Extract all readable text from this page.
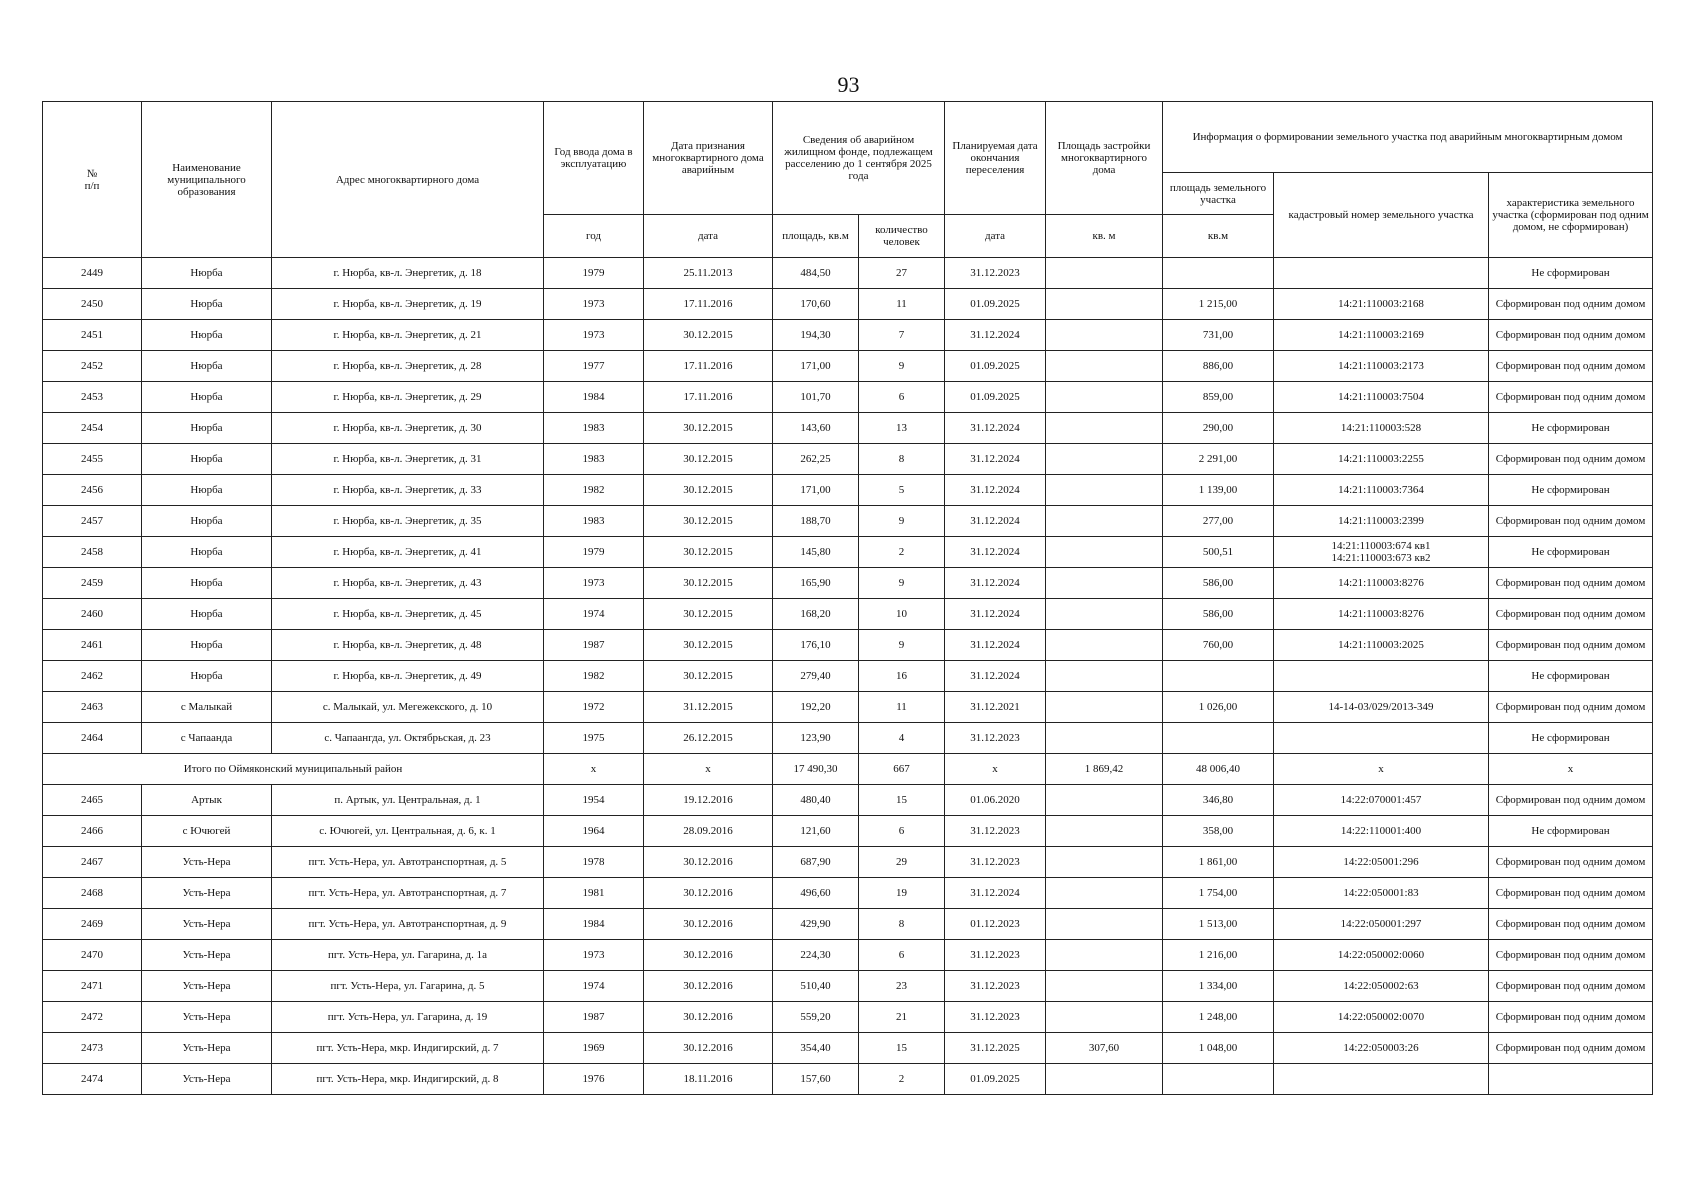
93
№
п/п	Наименование муниципального образования	Адрес многоквартирного дома	Год ввода дома в эксплуатацию	Дата признания многоквартирного дома аварийным	Сведения об аварийном жилищном фонде, подлежащем расселению до 1 сентября 2025 года		Планируемая дата окончания переселения	Площадь застройки многоквартирного дома	Информация о формировании земельного участка под аварийным многоквартирным домом		
									площадь земельного участка	кадастровый номер земельного участка	характеристика земельного участка (сформирован под одним домом, не сформирован)
			год	дата	площадь, кв.м	количество человек	дата	кв. м	кв.м		
2449	Нюрба	г. Нюрба, кв-л. Энергетик, д. 18	1979	25.11.2013	484,50	27	31.12.2023				Не сформирован
2450	Нюрба	г. Нюрба, кв-л. Энергетик, д. 19	1973	17.11.2016	170,60	11	01.09.2025		1 215,00	14:21:110003:2168	Сформирован под одним домом
2451	Нюрба	г. Нюрба, кв-л. Энергетик, д. 21	1973	30.12.2015	194,30	7	31.12.2024		731,00	14:21:110003:2169	Сформирован под одним домом
2452	Нюрба	г. Нюрба, кв-л. Энергетик, д. 28	1977	17.11.2016	171,00	9	01.09.2025		886,00	14:21:110003:2173	Сформирован под одним домом
2453	Нюрба	г. Нюрба, кв-л. Энергетик, д. 29	1984	17.11.2016	101,70	6	01.09.2025		859,00	14:21:110003:7504	Сформирован под одним домом
2454	Нюрба	г. Нюрба, кв-л. Энергетик, д. 30	1983	30.12.2015	143,60	13	31.12.2024		290,00	14:21:110003:528	Не сформирован
2455	Нюрба	г. Нюрба, кв-л. Энергетик, д. 31	1983	30.12.2015	262,25	8	31.12.2024		2 291,00	14:21:110003:2255	Сформирован под одним домом
2456	Нюрба	г. Нюрба, кв-л. Энергетик, д. 33	1982	30.12.2015	171,00	5	31.12.2024		1 139,00	14:21:110003:7364	Не сформирован
2457	Нюрба	г. Нюрба, кв-л. Энергетик, д. 35	1983	30.12.2015	188,70	9	31.12.2024		277,00	14:21:110003:2399	Сформирован под одним домом
2458	Нюрба	г. Нюрба, кв-л. Энергетик, д. 41	1979	30.12.2015	145,80	2	31.12.2024		500,51	14:21:110003:674 кв1
14:21:110003:673 кв2	Не сформирован
2459	Нюрба	г. Нюрба, кв-л. Энергетик, д. 43	1973	30.12.2015	165,90	9	31.12.2024		586,00	14:21:110003:8276	Сформирован под одним домом
2460	Нюрба	г. Нюрба, кв-л. Энергетик, д. 45	1974	30.12.2015	168,20	10	31.12.2024		586,00	14:21:110003:8276	Сформирован под одним домом
2461	Нюрба	г. Нюрба, кв-л. Энергетик, д. 48	1987	30.12.2015	176,10	9	31.12.2024		760,00	14:21:110003:2025	Сформирован под одним домом
2462	Нюрба	г. Нюрба, кв-л. Энергетик, д. 49	1982	30.12.2015	279,40	16	31.12.2024				Не сформирован
2463	с Малыкай	с. Малыкай, ул. Мегежекского, д. 10	1972	31.12.2015	192,20	11	31.12.2021		1 026,00	14-14-03/029/2013-349	Сформирован под одним домом
2464	с Чапаанда	с. Чапаангда, ул. Октябрьская, д. 23	1975	26.12.2015	123,90	4	31.12.2023				Не сформирован
Итого по Оймяконский муниципальный район			x	x	17 490,30	667	x	1 869,42	48 006,40	x	x
2465	Артык	п. Артык, ул. Центральная, д. 1	1954	19.12.2016	480,40	15	01.06.2020		346,80	14:22:070001:457	Сформирован под одним домом
2466	с Ючюгей	с. Ючюгей, ул. Центральная, д. 6, к. 1	1964	28.09.2016	121,60	6	31.12.2023		358,00	14:22:110001:400	Не сформирован
2467	Усть-Нера	пгт. Усть-Нера, ул. Автотранспортная, д. 5	1978	30.12.2016	687,90	29	31.12.2023		1 861,00	14:22:05001:296	Сформирован под одним домом
2468	Усть-Нера	пгт. Усть-Нера, ул. Автотранспортная, д. 7	1981	30.12.2016	496,60	19	31.12.2024		1 754,00	14:22:050001:83	Сформирован под одним домом
2469	Усть-Нера	пгт. Усть-Нера, ул. Автотранспортная, д. 9	1984	30.12.2016	429,90	8	01.12.2023		1 513,00	14:22:050001:297	Сформирован под одним домом
2470	Усть-Нера	пгт. Усть-Нера, ул. Гагарина, д. 1а	1973	30.12.2016	224,30	6	31.12.2023		1 216,00	14:22:050002:0060	Сформирован под одним домом
2471	Усть-Нера	пгт. Усть-Нера, ул. Гагарина, д. 5	1974	30.12.2016	510,40	23	31.12.2023		1 334,00	14:22:050002:63	Сформирован под одним домом
2472	Усть-Нера	пгт. Усть-Нера, ул. Гагарина, д. 19	1987	30.12.2016	559,20	21	31.12.2023		1 248,00	14:22:050002:0070	Сформирован под одним домом
2473	Усть-Нера	пгт. Усть-Нера, мкр. Индигирский, д. 7	1969	30.12.2016	354,40	15	31.12.2025	307,60	1 048,00	14:22:050003:26	Сформирован под одним домом
2474	Усть-Нера	пгт. Усть-Нера, мкр. Индигирский, д. 8	1976	18.11.2016	157,60	2	01.09.2025				
